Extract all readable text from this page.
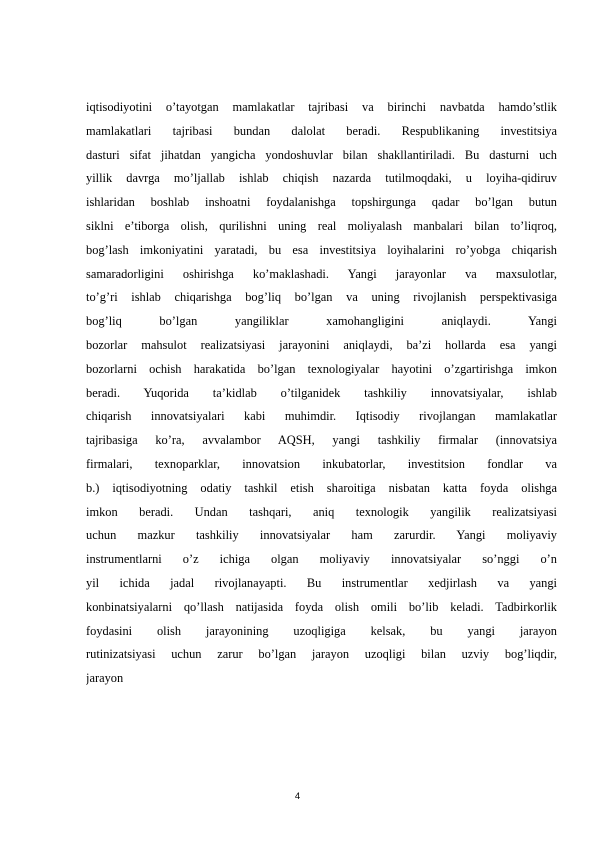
iqtisodiyotini o’tayotgan mamlakatlar tajribasi va birinchi navbatda hamdo’stlik
mamlakatlari tajribasi bundan dalolat beradi. Respublikaning investitsiya
dasturi sifat jihatdan yangicha yondoshuvlar bilan shakllantiriladi. Bu dasturni uch
yillik davrga mo’ljallab ishlab chiqish nazarda tutilmoqdaki, u loyiha-qidiruv
ishlaridan boshlab inshoatni foydalanishga topshirgunga qadar bo’lgan butun
siklni e’tiborga olish, qurilishni uning real moliyalash manbalari bilan to’liqroq,
bog’lash imkoniyatini yaratadi, bu esa investitsiya loyihalarini ro’yobga chiqarish
samaradorligini oshirishga ko’maklashadi. Yangi jarayonlar va maxsulotlar,
to’g’ri ishlab chiqarishga bog’liq bo’lgan va uning rivojlanish perspektivasiga
bog’liq bo’lgan yangiliklar xamohangligini aniqlaydi. Yangi
bozorlar mahsulot realizatsiyasi jarayonini aniqlaydi, ba’zi hollarda esa yangi
bozorlarni ochish harakatida bo’lgan texnologiyalar hayotini o’zgartirishga imkon
beradi. Yuqorida ta’kidlab o’tilganidek tashkiliy innovatsiyalar, ishlab
chiqarish innovatsiyalari kabi muhimdir. Iqtisodiy rivojlangan mamlakatlar
tajribasiga ko’ra, avvalambor AQSH, yangi tashkiliy firmalar (innovatsiya
firmalari, texnoparklar, innovatsion inkubatorlar, investitsion fondlar va
b.) iqtisodiyotning odatiy tashkil etish sharoitiga nisbatan katta foyda olishga
imkon beradi. Undan tashqari, aniq texnologik yangilik realizatsiyasi
uchun mazkur tashkiliy innovatsiyalar ham zarurdir. Yangi moliyaviy
instrumentlarni o’z ichiga olgan moliyaviy innovatsiyalar so’nggi o’n
yil ichida jadal rivojlanayapti. Bu instrumentlar xedjirlash va yangi
konbinatsiyalarni qo’llash natijasida foyda olish omili bo’lib keladi. Tadbirkorlik
foydasini olish jarayonining uzoqligiga kelsak, bu yangi jarayon
rutinizatsiyasi uchun zarur bo’lgan jarayon uzoqligi bilan uzviy bog’liqdir,
jarayon
4
